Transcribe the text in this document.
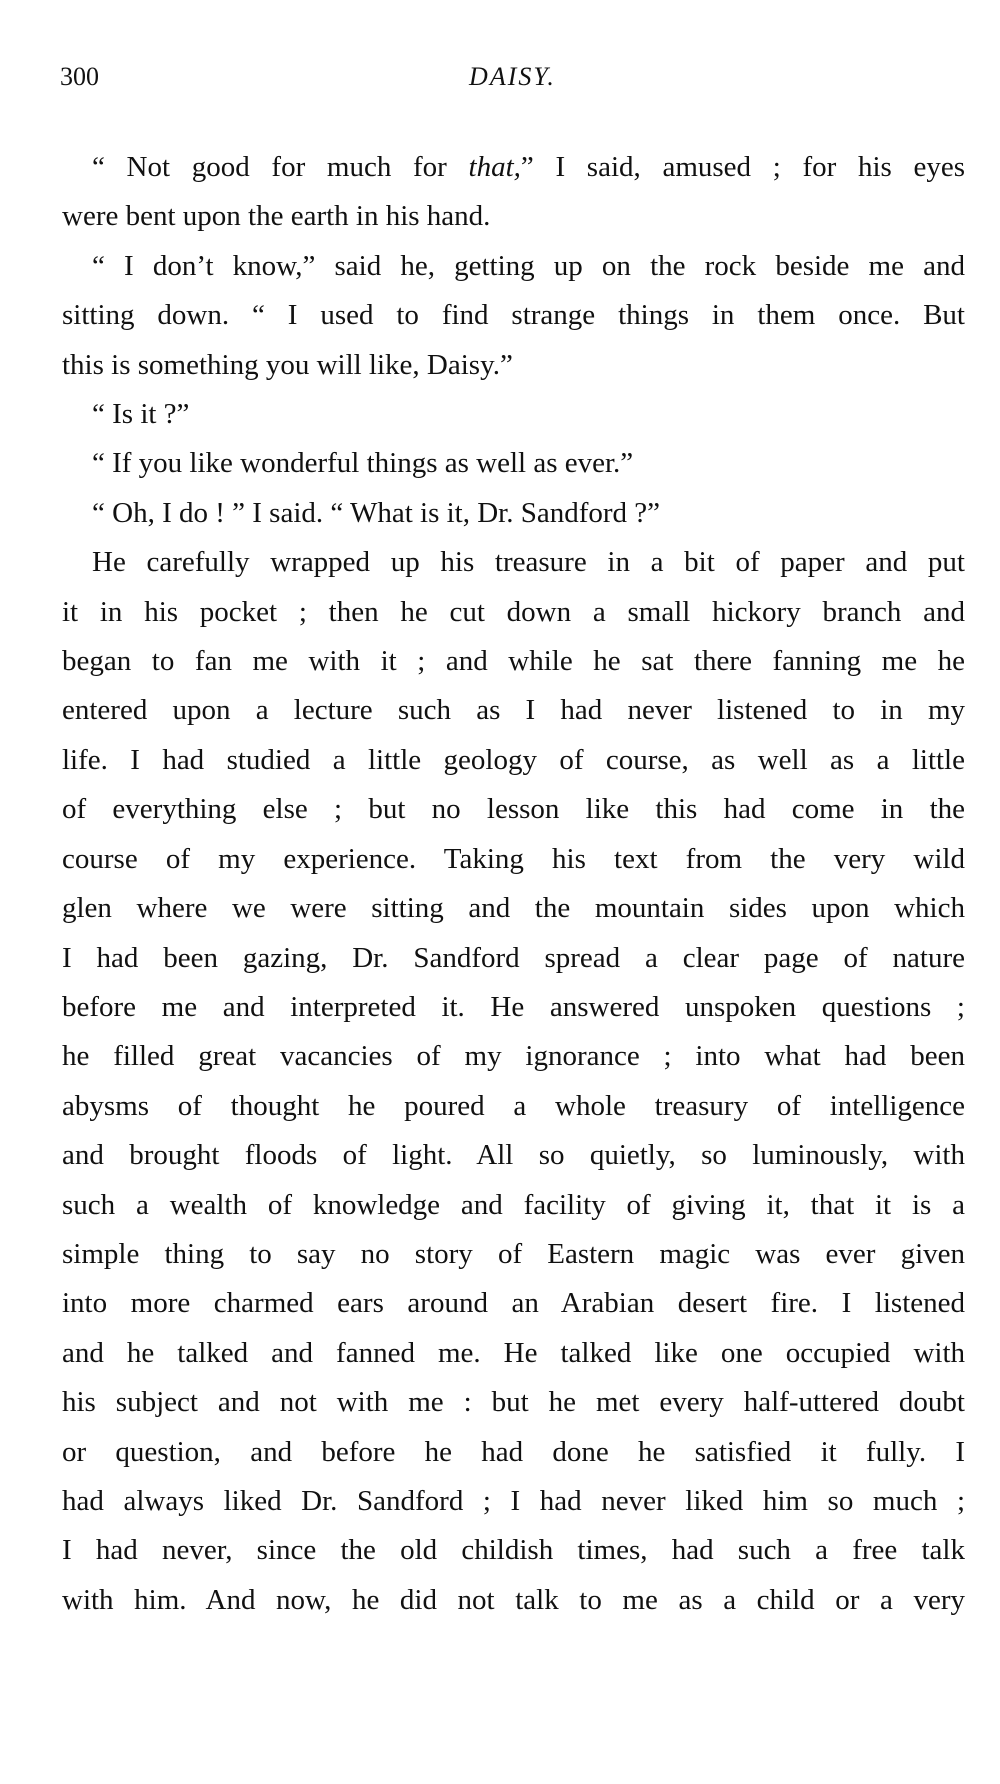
300	DAISY.
“ Not good for much for that,” I said, amused ; for his eyes
were bent upon the earth in his hand.
“ I don’t know,” said he, getting up on the rock beside me and
sitting down. “ I used to find strange things in them once. But
this is something you will like, Daisy.”
“ Is it ?”
“ If you like wonderful things as well as ever.”
“ Oh, I do ! ” I said. “ What is it, Dr. Sandford ?”
He carefully wrapped up his treasure in a bit of paper and put
it in his pocket ; then he cut down a small hickory branch and
began to fan me with it ; and while he sat there fanning me he
entered upon a lecture such as I had never listened to in my
life. I had studied a little geology of course, as well as a little
of everything else ; but no lesson like this had come in the
course of my experience. Taking his text from the very wild
glen where we were sitting and the mountain sides upon which
I had been gazing, Dr. Sandford spread a clear page of nature
before me and interpreted it. He answered unspoken questions ;
he filled great vacancies of my ignorance ; into what had been
abysms of thought he poured a whole treasury of intelligence
and brought floods of light. All so quietly, so luminously, with
such a wealth of knowledge and facility of giving it, that it is a
simple thing to say no story of Eastern magic was ever given
into more charmed ears around an Arabian desert fire. I listened
and he talked and fanned me. He talked like one occupied with
his subject and not with me : but he met every half-uttered doubt
or question, and before he had done he satisfied it fully. I
had always liked Dr. Sandford ; I had never liked him so much ;
I had never, since the old childish times, had such a free talk
with him. And now, he did not talk to me as a child or a very
